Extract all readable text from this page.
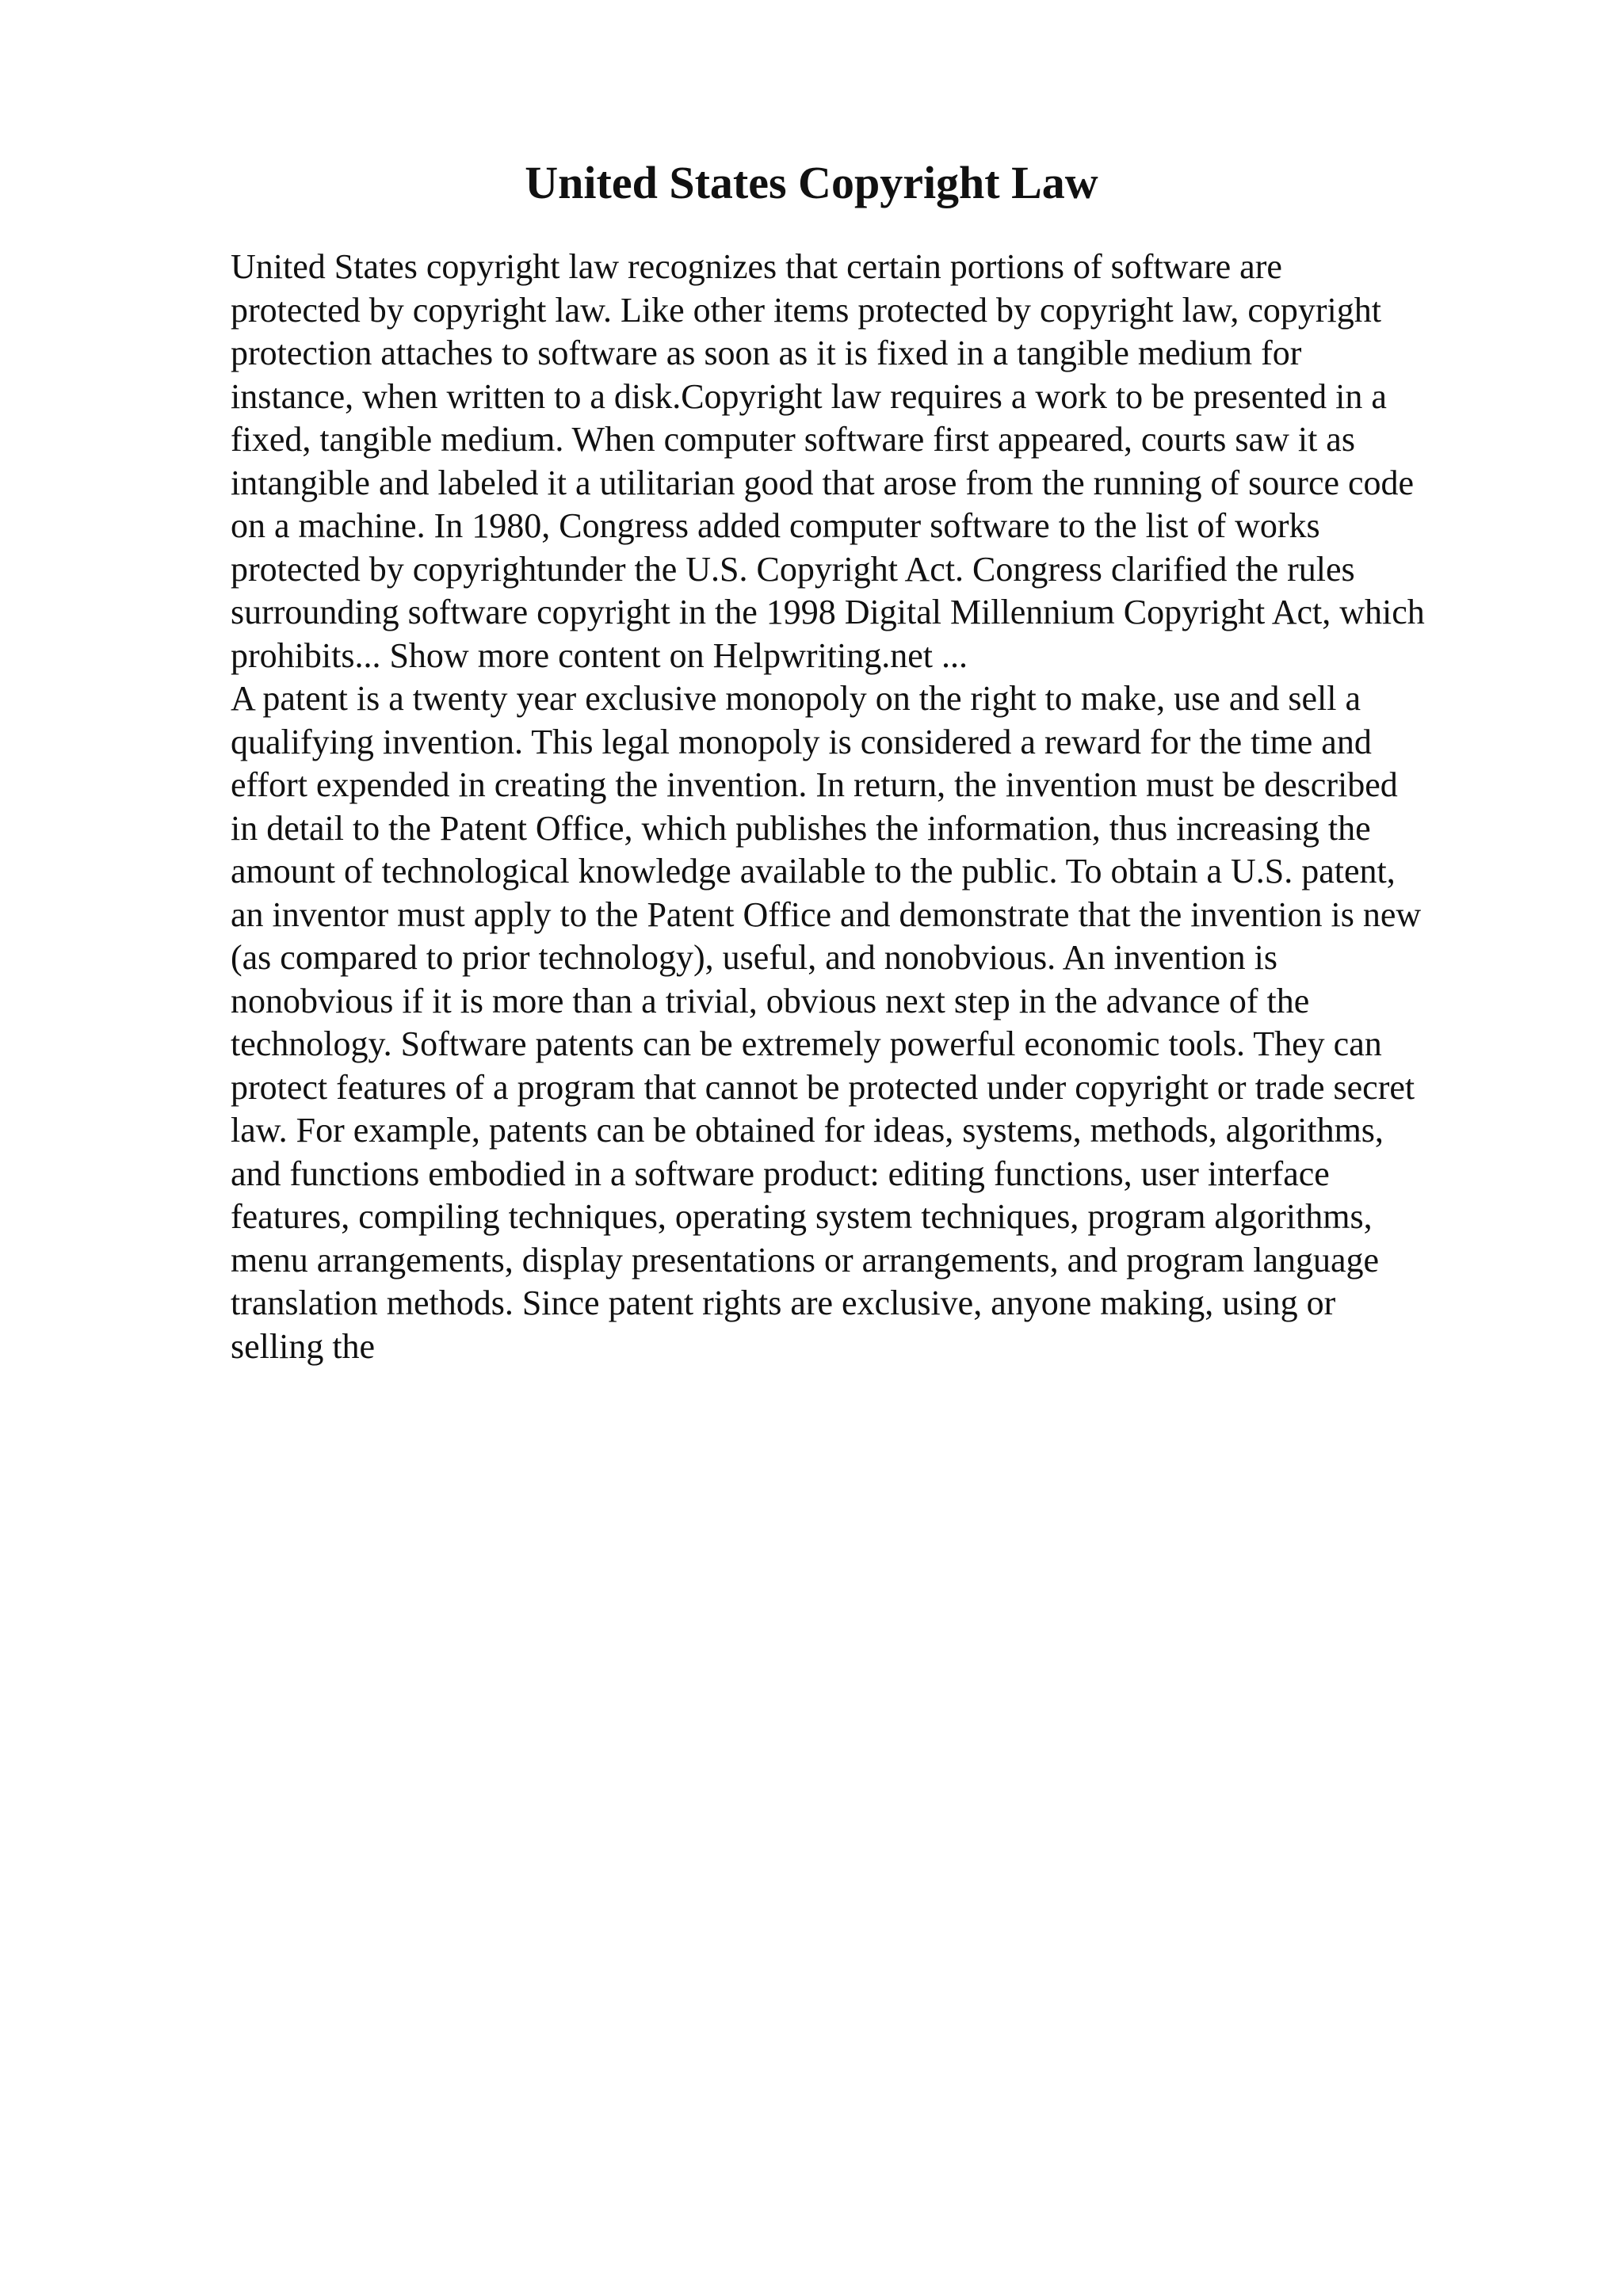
United States Copyright Law

United States copyright law recognizes that certain portions of software are
protected by copyright law. Like other items protected by copyright law, copyright
protection attaches to software as soon as it is fixed in a tangible medium for
instance, when written to a disk.Copyright law requires a work to be presented in a
fixed, tangible medium. When computer software first appeared, courts saw it as
intangible and labeled it a utilitarian good that arose from the running of source code
on a machine. In 1980, Congress added computer software to the list of works
protected by copyrightunder the U.S. Copyright Act. Congress clarified the rules
surrounding software copyright in the 1998 Digital Millennium Copyright Act, which
prohibits... Show more content on Helpwriting.net ...

A patent is a twenty year exclusive monopoly on the right to make, use and sell a
qualifying invention. This legal monopoly is considered a reward for the time and
effort expended in creating the invention. In return, the invention must be described
in detail to the Patent Office, which publishes the information, thus increasing the
amount of technological knowledge available to the public. To obtain a U.S. patent,
an inventor must apply to the Patent Office and demonstrate that the invention is new
(as compared to prior technology), useful, and nonobvious. An invention is
nonobvious if it is more than a trivial, obvious next step in the advance of the
technology. Software patents can be extremely powerful economic tools. They can
protect features of a program that cannot be protected under copyright or trade secret
law. For example, patents can be obtained for ideas, systems, methods, algorithms,
and functions embodied in a software product: editing functions, user interface
features, compiling techniques, operating system techniques, program algorithms,
menu arrangements, display presentations or arrangements, and program language
translation methods. Since patent rights are exclusive, anyone making, using or
selling the
